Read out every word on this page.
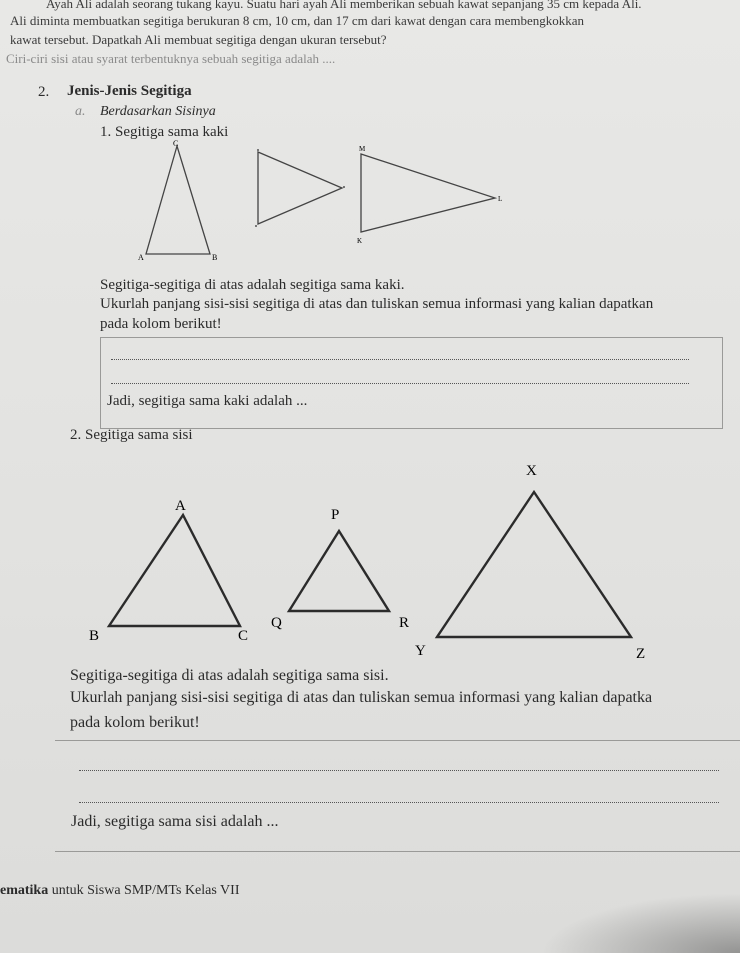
Ayah Ali adalah seorang tukang kayu. Suatu hari ayah Ali memberikan sebuah kawat sepanjang 35 cm kepada Ali.
Ali diminta membuatkan segitiga berukuran 8 cm, 10 cm, dan 17 cm dari kawat dengan cara membengkokkan
kawat tersebut. Dapatkah Ali membuat segitiga dengan ukuran tersebut?
Ciri-ciri sisi atau syarat terbentuknya sebuah segitiga adalah ....
2. Jenis-Jenis Segitiga
a. Berdasarkan Sisinya
1. Segitiga sama kaki
C
A	B
M
L
K
Segitiga-segitiga di atas adalah segitiga sama kaki.
Ukurlah panjang sisi-sisi segitiga di atas dan tuliskan semua informasi yang kalian dapatkan
pada kolom berikut!
Jadi, segitiga sama kaki adalah ...
2. Segitiga sama sisi
A
B	C
P
Q	R
X
Y	Z
Segitiga-segitiga di atas adalah segitiga sama sisi.
Ukurlah panjang sisi-sisi segitiga di atas dan tuliskan semua informasi yang kalian dapatka
pada kolom berikut!
Jadi, segitiga sama sisi adalah ...
ematika untuk Siswa SMP/MTs Kelas VII
